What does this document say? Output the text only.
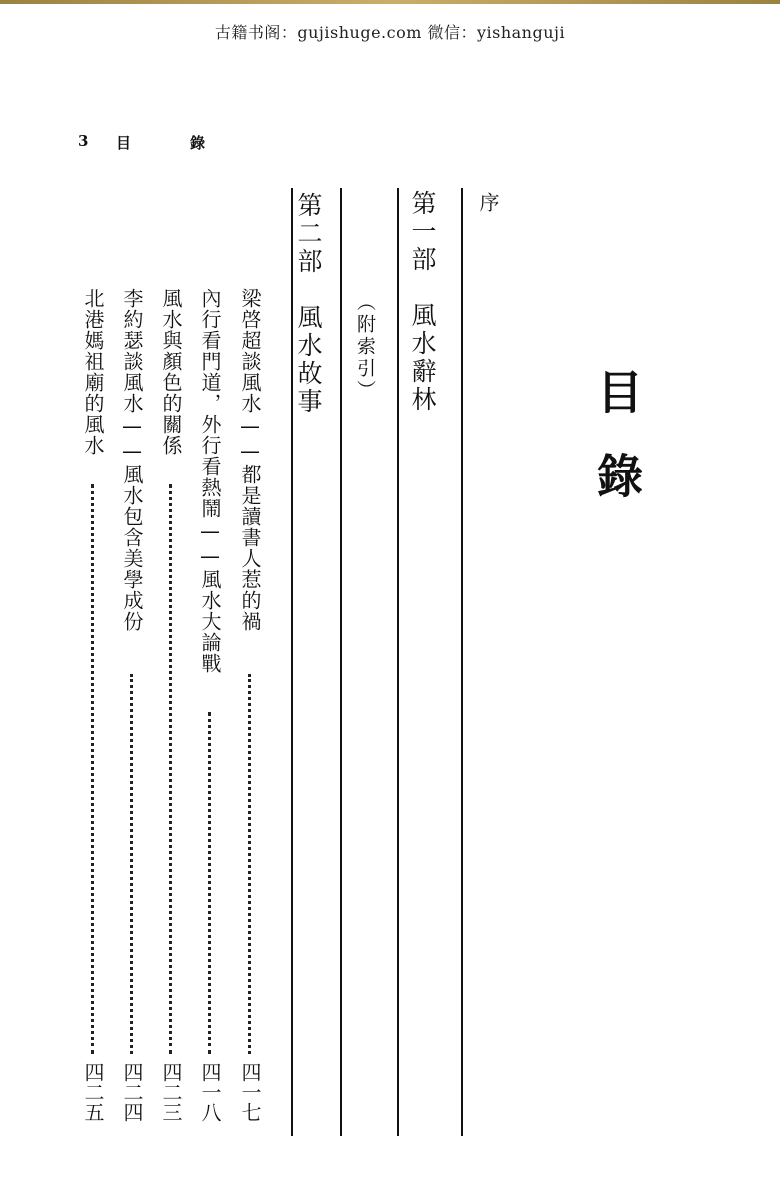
古籍书阁：gujishuge.com 微信：yishanguji
3 目	錄
目錄
序
第一部　風水辭林
（附索引）
第二部　風水故事
梁啓超談風水——都是讀書人惹的禍
四一七
內行看門道，外行看熱鬧——風水大論戰
四一八
風水與顏色的關係
四二三
李約瑟談風水——風水包含美學成份
四二四
北港媽祖廟的風水
四二五
